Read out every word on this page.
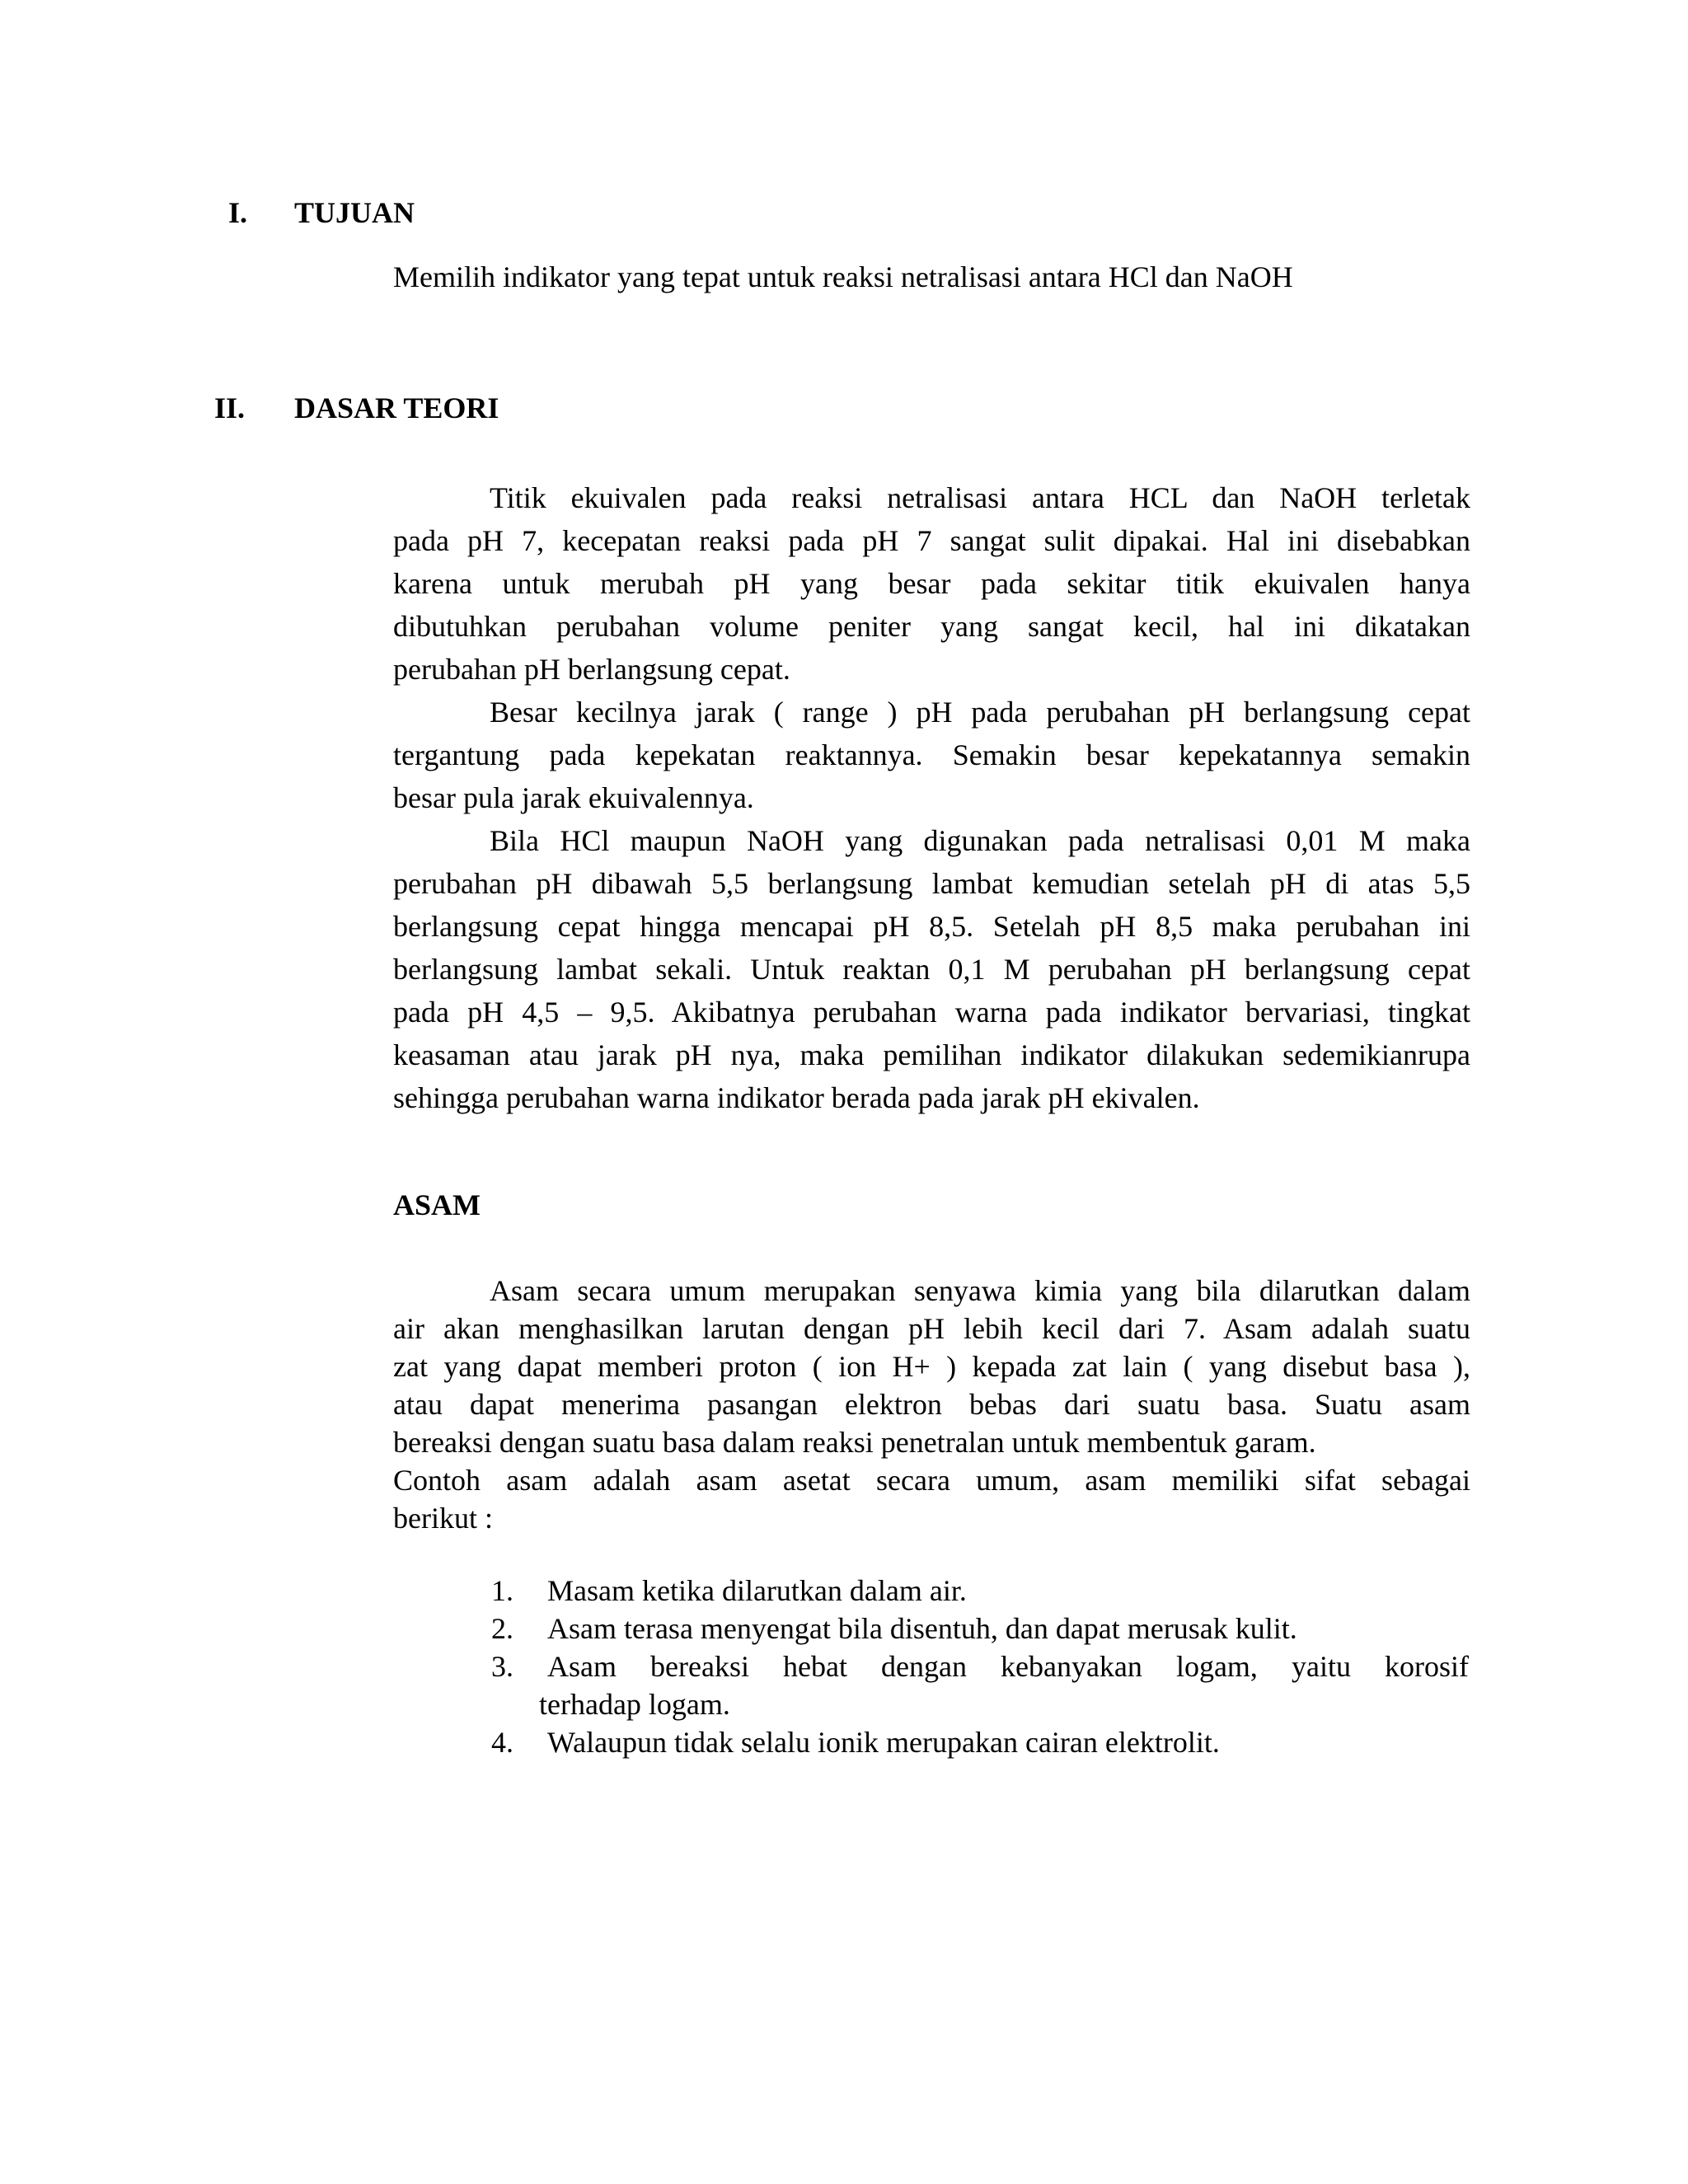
I. TUJUAN
Memilih indikator yang tepat untuk reaksi netralisasi antara HCl dan NaOH
II. DASAR TEORI
Titik ekuivalen pada reaksi netralisasi antara HCL dan NaOH terletak
pada pH 7, kecepatan reaksi pada pH 7 sangat sulit dipakai. Hal ini disebabkan
karena untuk merubah pH yang besar pada sekitar titik ekuivalen hanya
dibutuhkan perubahan volume peniter yang sangat kecil, hal ini dikatakan
perubahan pH berlangsung cepat.
Besar kecilnya jarak ( range ) pH pada perubahan pH berlangsung cepat
tergantung pada kepekatan reaktannya. Semakin besar kepekatannya semakin
besar pula jarak ekuivalennya.
Bila HCl maupun NaOH yang digunakan pada netralisasi 0,01 M maka
perubahan pH dibawah 5,5 berlangsung lambat kemudian setelah pH di atas 5,5
berlangsung cepat hingga mencapai pH 8,5. Setelah pH 8,5 maka perubahan ini
berlangsung lambat sekali. Untuk reaktan 0,1 M perubahan pH berlangsung cepat
pada pH 4,5 – 9,5. Akibatnya perubahan warna pada indikator bervariasi, tingkat
keasaman atau jarak pH nya, maka pemilihan indikator dilakukan sedemikianrupa
sehingga perubahan warna indikator berada pada jarak pH ekivalen.
ASAM
Asam secara umum merupakan senyawa kimia yang bila dilarutkan dalam
air akan menghasilkan larutan dengan pH lebih kecil dari 7. Asam adalah suatu
zat yang dapat memberi proton ( ion H+ ) kepada zat lain ( yang disebut basa ),
atau dapat menerima pasangan elektron bebas dari suatu basa. Suatu asam
bereaksi dengan suatu basa dalam reaksi penetralan untuk membentuk garam.
Contoh asam adalah asam asetat secara umum, asam memiliki sifat sebagai
berikut :
1. Masam ketika dilarutkan dalam air.
2. Asam terasa menyengat bila disentuh, dan dapat merusak kulit.
3. Asam bereaksi hebat dengan kebanyakan logam, yaitu korosif
terhadap logam.
4. Walaupun tidak selalu ionik merupakan cairan elektrolit.
